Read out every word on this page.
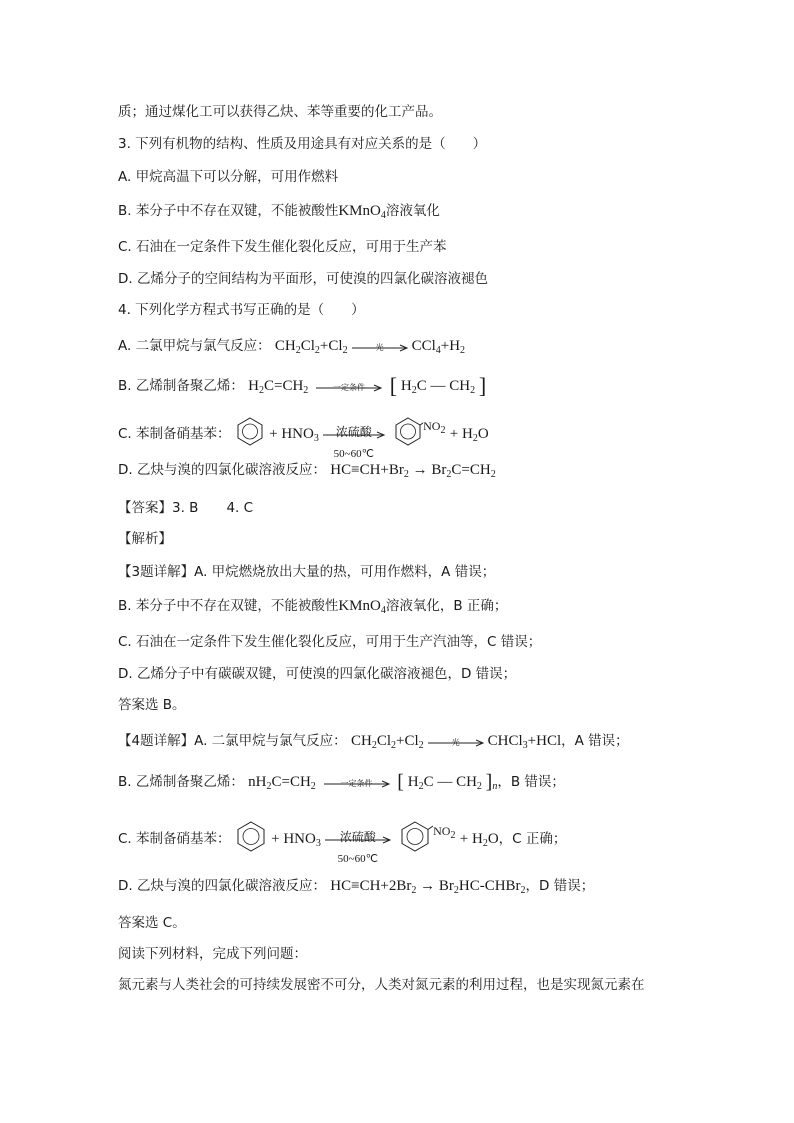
质；通过煤化工可以获得乙炔、苯等重要的化工产品。
3. 下列有机物的结构、性质及用途具有对应关系的是（　　）
A. 甲烷高温下可以分解，可用作燃料
B. 苯分子中不存在双键，不能被酸性KMnO$_4$溶液氧化
C. 石油在一定条件下发生催化裂化反应，可用于生产苯
D. 乙烯分子的空间结构为平面形，可使溴的四氯化碳溶液褪色
4. 下列化学方程式书写正确的是（　　）
A. 二氯甲烷与氯气反应： $CH_2Cl_2+Cl_2$	光	$CCl_4+H_2$
B. 乙烯制备聚乙烯： $H_2C=CH_2$	一定条件	[ $H_2C$ — $CH_2$ ]
C. 苯制备硝基苯：	+ $HNO_3$	浓硫酸
50~60℃
$NO_2 + H_2O$
D. 乙炔与溴的四氯化碳溶液反应： $HC\equiv CH+Br_2 \to Br_2C=CH_2$
【答案】3. B 4. C
【解析】
【3题详解】A. 甲烷燃烧放出大量的热，可用作燃料，A 错误；
B. 苯分子中不存在双键，不能被酸性KMnO$_4$溶液氧化，B 正确；
C. 石油在一定条件下发生催化裂化反应，可用于生产汽油等，C 错误；
D. 乙烯分子中有碳碳双键，可使溴的四氯化碳溶液褪色，D 错误；
答案选 B。
【4题详解】A. 二氯甲烷与氯气反应： $CH_2Cl_2+Cl_2$	光	CHCl$_3$+HCl，A 错误；
B. 乙烯制备聚乙烯： $nH_2C=CH_2$	一定条件	[ $H_2C$ — $CH_2$ ]$_n$，B 错误；
C. 苯制备硝基苯：	+ $HNO_3$	浓硫酸
50~60℃
$NO_2 + H_2O$，C 正确；
D. 乙炔与溴的四氯化碳溶液反应： $HC\equiv CH+2Br_2$ → $Br_2HC-CHBr_2$，D 错误；
答案选 C。
阅读下列材料，完成下列问题：
氮元素与人类社会的可持续发展密不可分，人类对氮元素的利用过程，也是实现氮元素在
